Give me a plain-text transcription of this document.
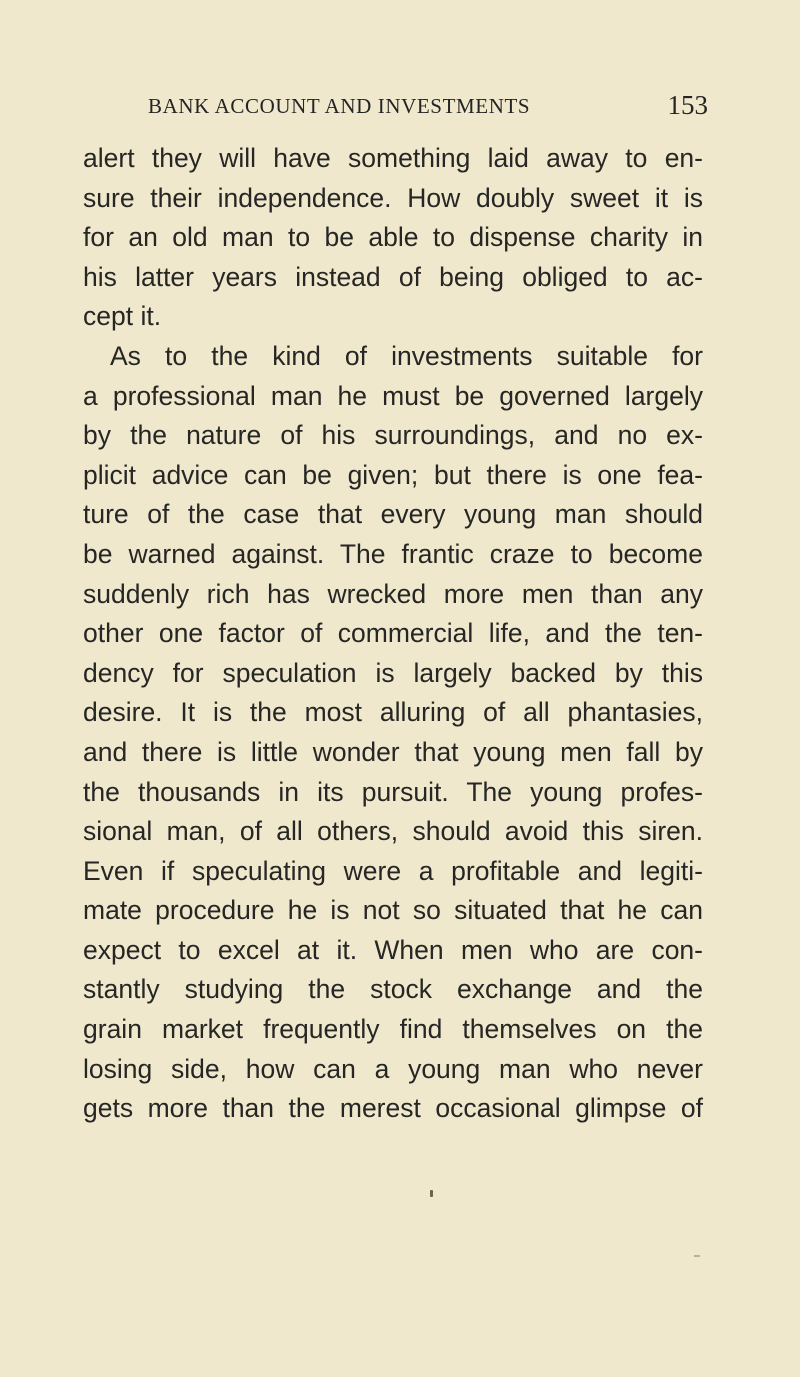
BANK ACCOUNT AND INVESTMENTS	153
alert they will have something laid away to en-
sure their independence. How doubly sweet it is
for an old man to be able to dispense charity in
his latter years instead of being obliged to ac-
cept it.
As to the kind of investments suitable for
a professional man he must be governed largely
by the nature of his surroundings, and no ex-
plicit advice can be given; but there is one fea-
ture of the case that every young man should
be warned against. The frantic craze to become
suddenly rich has wrecked more men than any
other one factor of commercial life, and the ten-
dency for speculation is largely backed by this
desire. It is the most alluring of all phantasies,
and there is little wonder that young men fall by
the thousands in its pursuit. The young profes-
sional man, of all others, should avoid this siren.
Even if speculating were a profitable and legiti-
mate procedure he is not so situated that he can
expect to excel at it. When men who are con-
stantly studying the stock exchange and the
grain market frequently find themselves on the
losing side, how can a young man who never
gets more than the merest occasional glimpse of
